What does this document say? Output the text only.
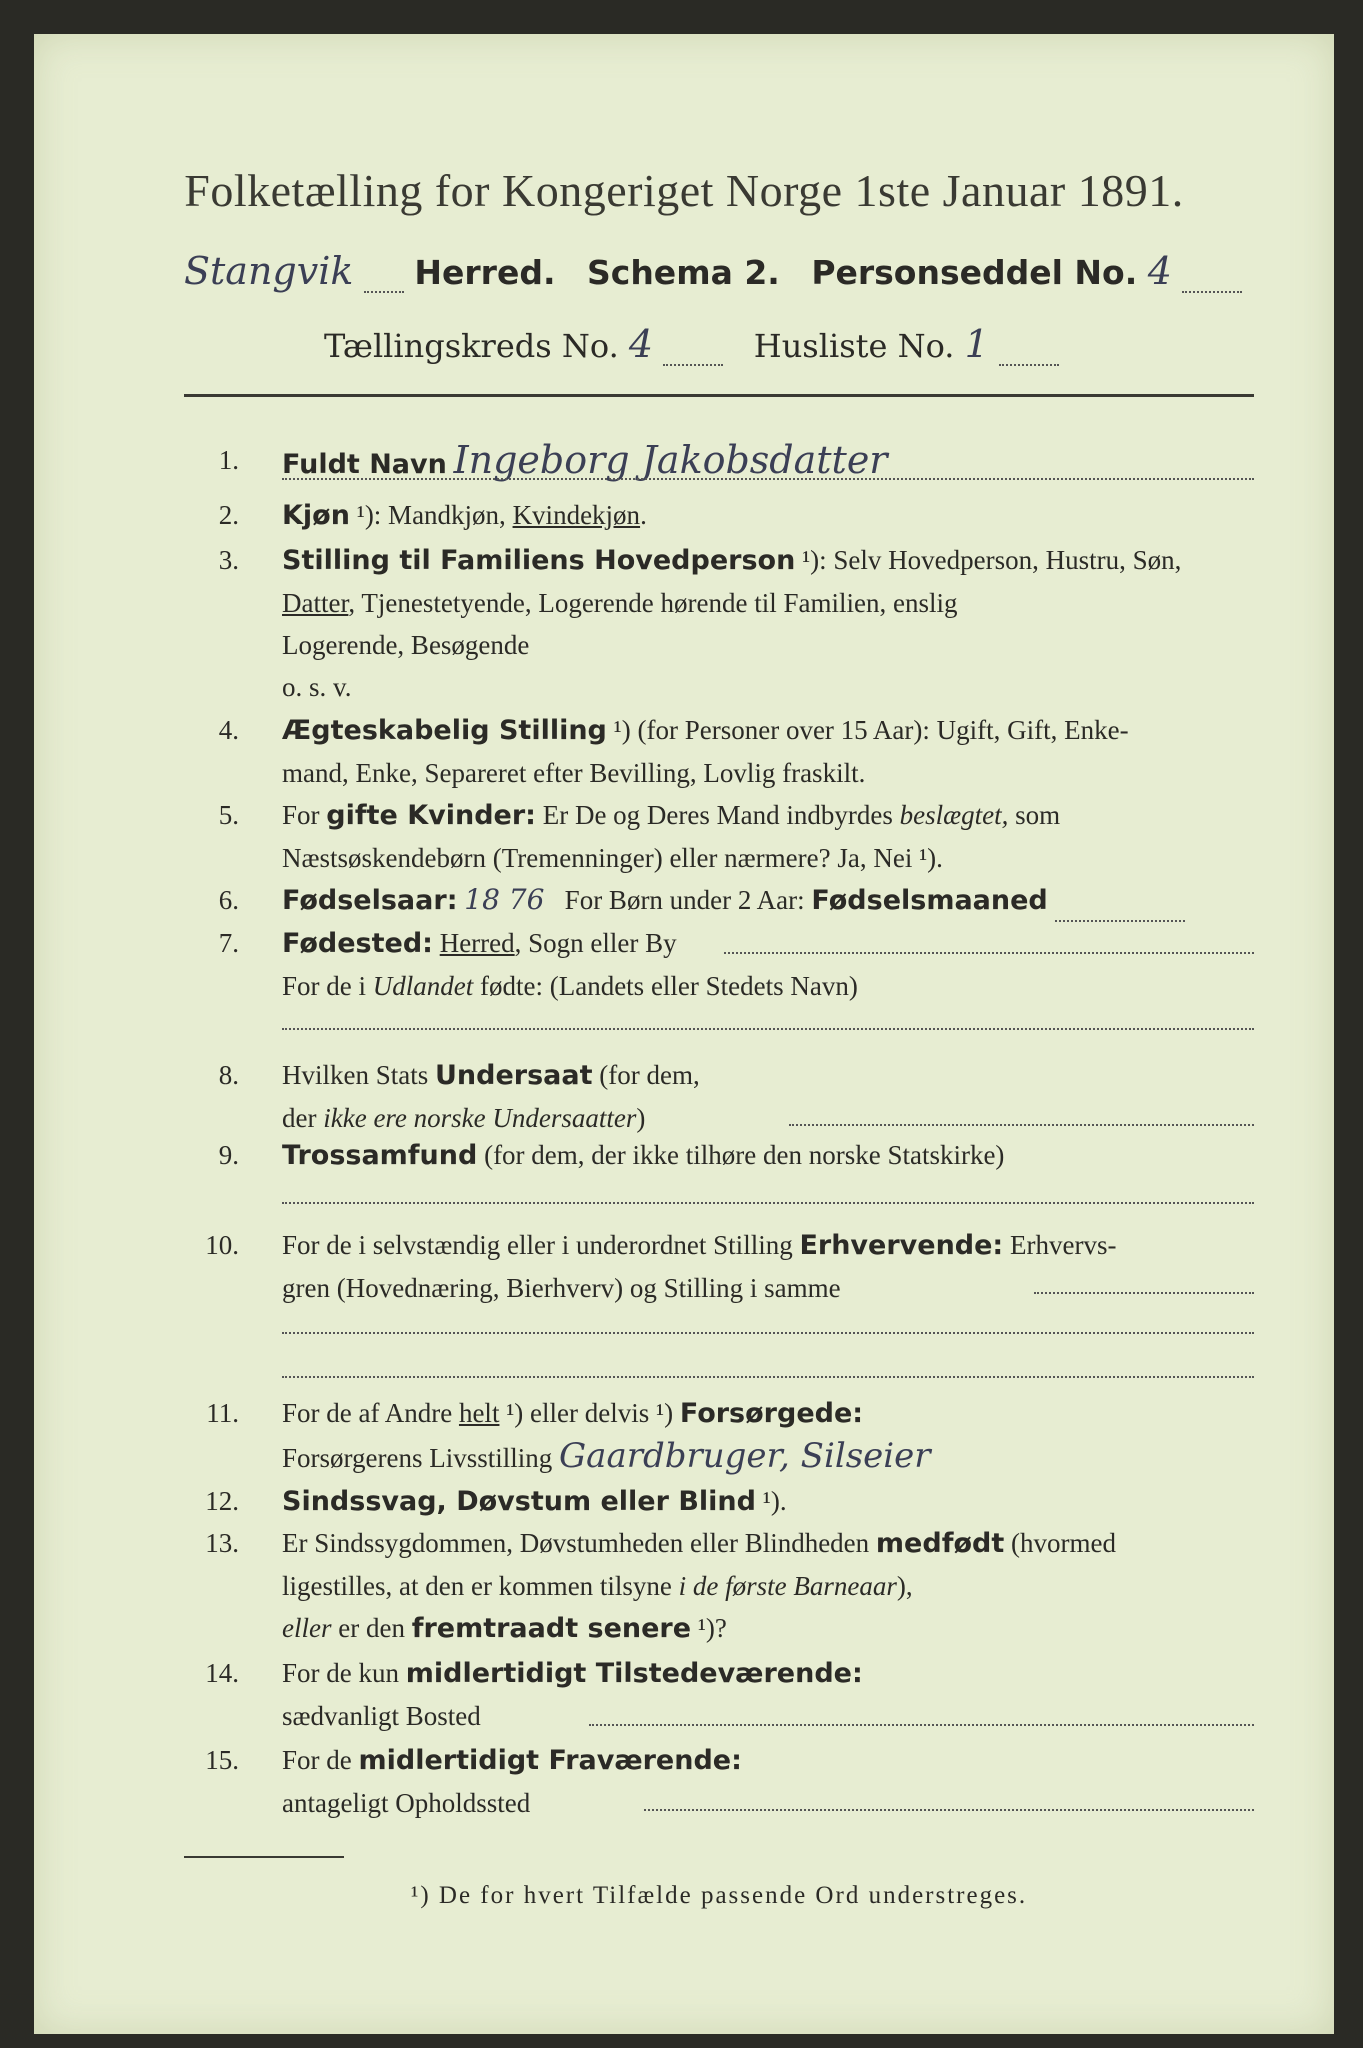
Folketælling for Kongeriget Norge 1ste Januar 1891.
Stangvik Herred. Schema 2. Personseddel No. 4
Tællingskreds No. 4	Husliste No. 1
1. Fuldt Navn Ingeborg Jakobsdatter
2. Kjøn ¹): Mandkjøn, Kvindekjøn.
3. Stilling til Familiens Hovedperson ¹): Selv Hovedperson, Hustru, Søn,
Datter, Tjenestetyende, Logerende hørende til Familien, enslig
Logerende, Besøgende
o. s. v.
4. Ægteskabelig Stilling ¹) (for Personer over 15 Aar): Ugift, Gift, Enke-
mand, Enke, Separeret efter Bevilling, Lovlig fraskilt.
5. For gifte Kvinder: Er De og Deres Mand indbyrdes beslægtet, som
Næstsøskendebørn (Tremenninger) eller nærmere? Ja, Nei ¹).
6. Fødselsaar: 18 76 For Børn under 2 Aar: Fødselsmaaned
7. Fødested: Herred, Sogn eller By
For de i Udlandet fødte: (Landets eller Stedets Navn)
8. Hvilken Stats Undersaat (for dem,
der ikke ere norske Undersaatter)
9. Trossamfund (for dem, der ikke tilhøre den norske Statskirke)
10. For de i selvstændig eller i underordnet Stilling Erhvervende: Erhvervs-
gren (Hovednæring, Bierhverv) og Stilling i samme
11. For de af Andre helt ¹) eller delvis ¹) Forsørgede:
Forsørgerens Livsstilling Gaardbruger, Silseier
12. Sindssvag, Døvstum eller Blind ¹).
13. Er Sindssygdommen, Døvstumheden eller Blindheden medfødt (hvormed
ligestilles, at den er kommen tilsyne i de første Barneaar),
eller er den fremtraadt senere ¹)?
14. For de kun midlertidigt Tilstedeværende:
sædvanligt Bosted
15. For de midlertidigt Fraværende:
antageligt Opholdssted
¹) De for hvert Tilfælde passende Ord understreges.
